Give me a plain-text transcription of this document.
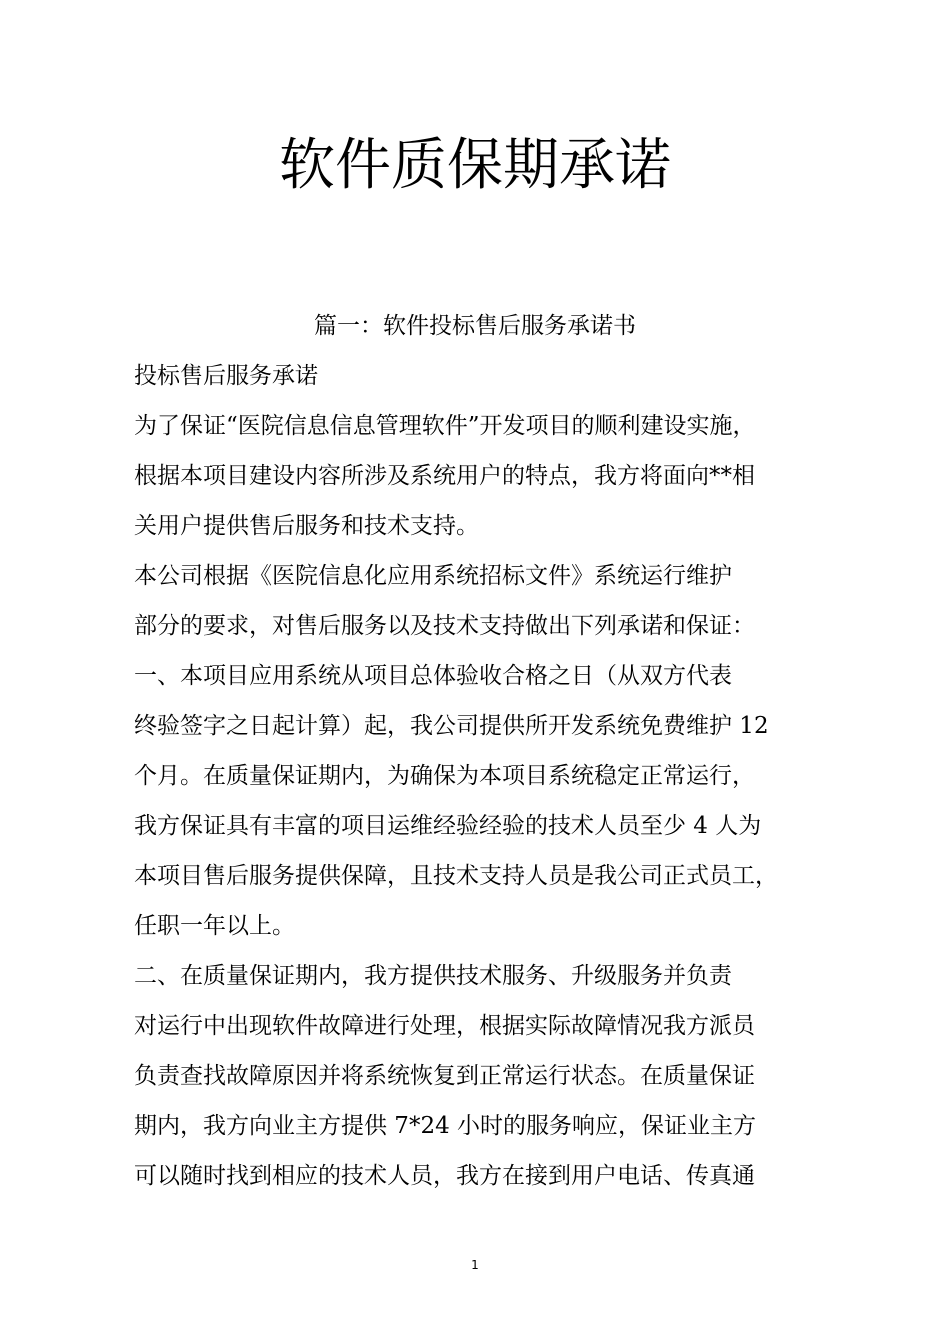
软件质保期承诺
篇一：软件投标售后服务承诺书
投标售后服务承诺
为了保证“医院信息信息管理软件”开发项目的顺利建设实施，
根据本项目建设内容所涉及系统用户的特点，我方将面向**相
关用户提供售后服务和技术支持。
本公司根据《医院信息化应用系统招标文件》系统运行维护
部分的要求，对售后服务以及技术支持做出下列承诺和保证：
一、本项目应用系统从项目总体验收合格之日（从双方代表
终验签字之日起计算）起，我公司提供所开发系统免费维护 12
个月。在质量保证期内，为确保为本项目系统稳定正常运行，
我方保证具有丰富的项目运维经验经验的技术人员至少 4 人为
本项目售后服务提供保障，且技术支持人员是我公司正式员工，
任职一年以上。
二、在质量保证期内，我方提供技术服务、升级服务并负责
对运行中出现软件故障进行处理，根据实际故障情况我方派员
负责查找故障原因并将系统恢复到正常运行状态。在质量保证
期内，我方向业主方提供 7*24 小时的服务响应，保证业主方
可以随时找到相应的技术人员，我方在接到用户电话、传真通
1
